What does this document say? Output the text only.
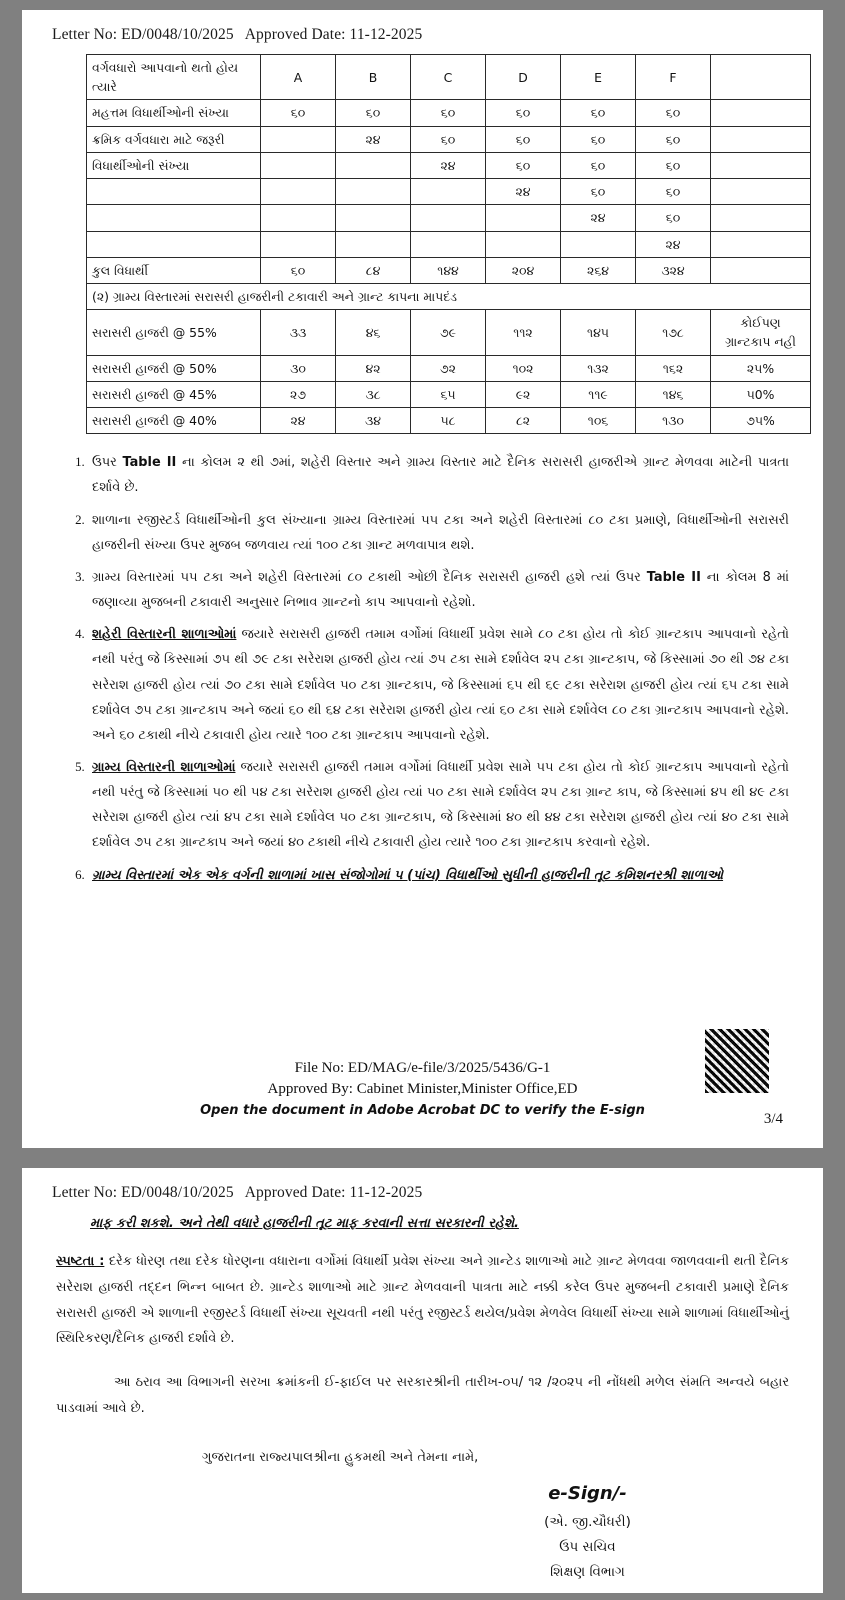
Letter No: ED/0048/10/2025   Approved Date: 11-12-2025
વર્ગવધારો આપવાનો થતો હોય ત્યારે	A	B	C	D	E	F	
મહત્તમ વિધાર્થીઓની સંખ્યા	૬૦	૬૦	૬૦	૬૦	૬૦	૬૦	
ક્રમિક વર્ગવધારા માટે જરૂરી		૨૪	૬૦	૬૦	૬૦	૬૦	
વિધાર્થીઓની સંખ્યા			૨૪	૬૦	૬૦	૬૦	
				૨૪	૬૦	૬૦	
					૨૪	૬૦	
						૨૪	
કુલ વિધાર્થી	૬૦	૮૪	૧૪૪	૨૦૪	૨૬૪	૩૨૪	
(૨) ગ્રામ્ય વિસ્તારમાં સરાસરી હાજરીની ટકાવારી અને ગ્રાન્ટ કાપના માપદંડ							
સરાસરી હાજરી @ 55%	૩૩	૪૬	૭૯	૧૧૨	૧૪૫	૧૭૮	કોઈપણ ગ્રાન્ટકાપ નહી
સરાસરી હાજરી @ 50%	૩૦	૪૨	૭૨	૧૦૨	૧૩૨	૧૬૨	૨૫%
સરાસરી હાજરી @ 45%	૨૭	૩૮	૬૫	૯૨	૧૧૯	૧૪૬	૫0%
સરાસરી હાજરી @ 40%	૨૪	૩૪	૫૮	૮૨	૧૦૬	૧૩૦	૭૫%
1. ઉપર Table II ના કોલમ ૨ થી ૭માં, શહેરી વિસ્તાર અને ગ્રામ્ય વિસ્તાર માટે દૈનિક સરાસરી હાજરીએ ગ્રાન્ટ મેળવવા માટેની પાત્રતા દર્શાવે છે.
2. શાળાના રજીસ્ટર્ડ વિધાર્થીઓની કુલ સંખ્યાના ગ્રામ્ય વિસ્તારમાં ૫૫ ટકા અને શહેરી વિસ્તારમાં ૮૦ ટકા પ્રમાણે, વિધાર્થીઓની સરાસરી હાજરીની સંખ્યા ઉપર મુજબ જળવાય ત્યાં ૧૦૦ ટકા ગ્રાન્ટ મળવાપાત્ર થશે.
3. ગ્રામ્ય વિસ્તારમાં ૫૫ ટકા અને શહેરી વિસ્તારમાં ૮૦ ટકાથી ઓછી દૈનિક સરાસરી હાજરી હશે ત્યાં ઉપર Table II ના કોલમ 8 માં જણાવ્યા મુજબની ટકાવારી અનુસાર નિભાવ ગ્રાન્ટનો કાપ આપવાનો રહેશો.
4. શહેરી વિસ્તારની શાળાઓમાં જયારે સરાસરી હાજરી તમામ વર્ગોમાં વિધાર્થી પ્રવેશ સામે ૮૦ ટકા હોય તો કોઈ ગ્રાન્ટકાપ આપવાનો રહેતો નથી પરંતુ જે કિસ્સામાં ૭૫ થી ૭૯ ટકા સરેરાશ હાજરી હોય ત્યાં ૭૫ ટકા સામે દર્શાવેલ ૨૫ ટકા ગ્રાન્ટકાપ, જે કિસ્સામાં ૭૦ થી ૭૪ ટકા સરેરાશ હાજરી હોય ત્યાં ૭૦ ટકા સામે દર્શાવેલ ૫૦ ટકા ગ્રાન્ટકાપ, જે કિસ્સામાં ૬૫ થી ૬૯ ટકા સરેરાશ હાજરી હોય ત્યાં ૬૫ ટકા સામે દર્શાવેલ ૭૫ ટકા ગ્રાન્ટકાપ અને જયાં ૬૦ થી ૬૪ ટકા સરેરાશ હાજરી હોય ત્યાં ૬૦ ટકા સામે દર્શાવેલ ૮૦ ટકા ગ્રાન્ટકાપ આપવાનો રહેશે. અને ૬૦ ટકાથી નીચે ટકાવારી હોય ત્યારે ૧૦૦ ટકા ગ્રાન્ટકાપ આપવાનો રહેશે.
5. ગ્રામ્ય વિસ્તારની શાળાઓમાં જયારે સરાસરી હાજરી તમામ વર્ગોમાં વિધાર્થી પ્રવેશ સામે ૫૫ ટકા હોય તો કોઈ ગ્રાન્ટકાપ આપવાનો રહેતો નથી પરંતુ જે કિસ્સામાં ૫૦ થી ૫૪ ટકા સરેરાશ હાજરી હોય ત્યાં ૫૦ ટકા સામે દર્શાવેલ ૨૫ ટકા ગ્રાન્ટ કાપ, જે કિસ્સામાં ૪૫ થી ૪૯ ટકા સરેરાશ હાજરી હોય ત્યાં ૪૫ ટકા સામે દર્શાવેલ ૫૦ ટકા ગ્રાન્ટકાપ, જે કિસ્સામાં ૪૦ થી ૪૪ ટકા સરેરાશ હાજરી હોય ત્યાં ૪૦ ટકા સામે દર્શાવેલ ૭૫ ટકા ગ્રાન્ટકાપ અને જયાં ૪૦ ટકાથી નીચે ટકાવારી હોય ત્યારે ૧૦૦ ટકા ગ્રાન્ટકાપ કરવાનો રહેશે.
6. ગ્રામ્ય વિસ્તારમાં એક એક વર્ગની શાળામાં ખાસ સંજોગોમાં ૫ (પાંચ) વિધાર્થીઓ સુધીની હાજરીની તૂટ કમિશનરશ્રી શાળાઓ
File No: ED/MAG/e-file/3/2025/5436/G-1
Approved By: Cabinet Minister,Minister Office,ED
Open the document in Adobe Acrobat DC to verify the E-sign
3/4
Letter No: ED/0048/10/2025   Approved Date: 11-12-2025
માફ કરી શકશે. અને તેથી વધારે હાજરીની તૂટ માફ કરવાની સત્તા સરકારની રહેશે.
સ્પષ્ટતા : દરેક ધોરણ તથા દરેક ધોરણના વધારાના વર્ગોમાં વિધાર્થી પ્રવેશ સંખ્યા અને ગ્રાન્ટેડ શાળાઓ માટે ગ્રાન્ટ મેળવવા જાળવવાની થતી દૈનિક સરેરાશ હાજરી તદ્દન ભિન્ન બાબત છે. ગ્રાન્ટેડ શાળાઓ માટે ગ્રાન્ટ મેળવવાની પાત્રતા માટે નક્કી કરેલ ઉપર મુજબની ટકાવારી પ્રમાણે દૈનિક સરાસરી હાજરી એ શાળાની રજીસ્ટર્ડ વિધાર્થી સંખ્યા સૂચવતી નથી પરંતુ રજીસ્ટર્ડ થયેલ/પ્રવેશ મેળવેલ વિધાર્થી સંખ્યા સામે શાળામાં વિધાર્થીઓનું સ્થિરિકરણ/દૈનિક હાજરી દર્શાવે છે.
આ ઠરાવ આ વિભાગની સરખા ક્રમાંકની ઈ-ફાઈલ પર સરકારશ્રીની તારીખ-૦૫/ ૧૨ /૨૦૨૫ ની નોંધથી મળેલ સંમતિ અન્વયે બહાર પાડવામાં આવે છે.
ગુજરાતના રાજ્યપાલશ્રીના હુકમથી અને તેમના નામે,
e-Sign/-
(એ. જી.ચૌધરી)
ઉપ સચિવ
શિક્ષણ વિભાગ
